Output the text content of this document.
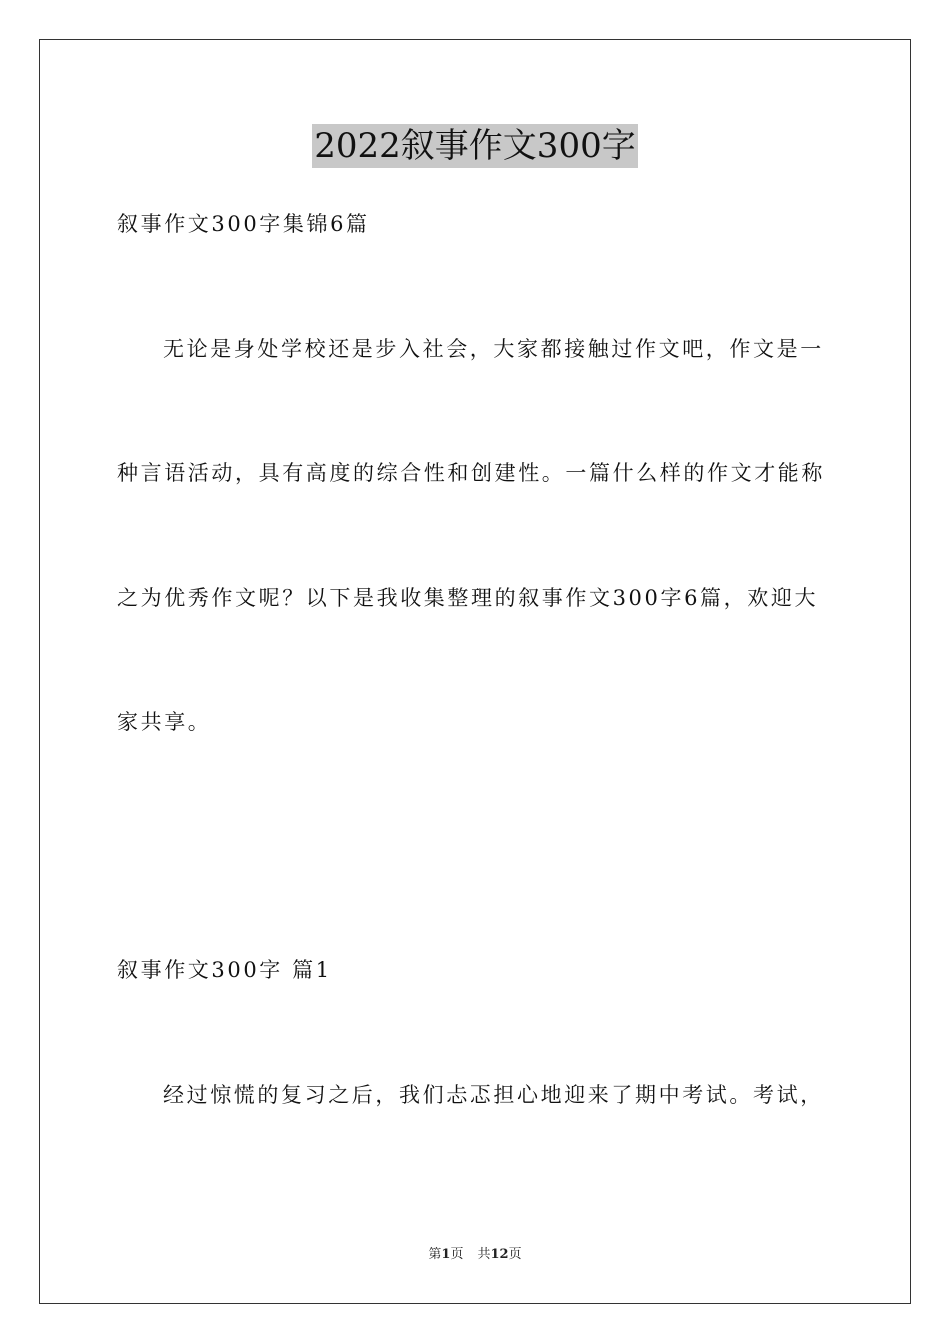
2022叙事作文300字
叙事作文300字集锦6篇
无论是身处学校还是步入社会，大家都接触过作文吧，作文是一
种言语活动，具有高度的综合性和创建性。一篇什么样的作文才能称
之为优秀作文呢？以下是我收集整理的叙事作文300字6篇，欢迎大
家共享。
叙事作文300字 篇1
经过惊慌的复习之后，我们忐忑担心地迎来了期中考试。考试，
第1页 共12页
